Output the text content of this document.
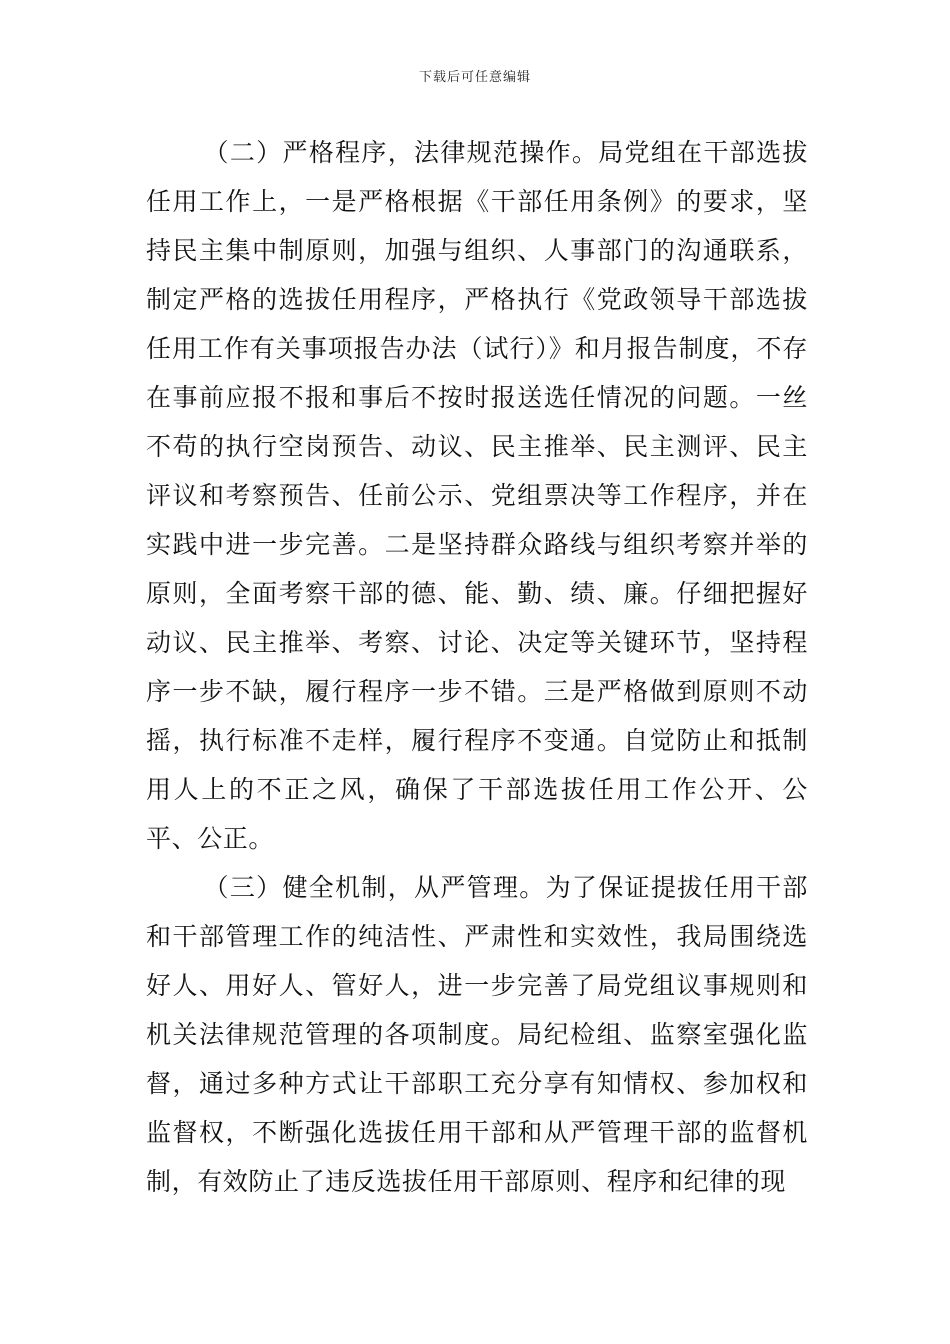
下载后可任意编辑

（二）严格程序，法律规范操作。局党组在干部选拔任用工作上，一是严格根据《干部任用条例》的要求，坚持民主集中制原则，加强与组织、人事部门的沟通联系，制定严格的选拔任用程序，严格执行《党政领导干部选拔任用工作有关事项报告办法（试行）》和月报告制度，不存在事前应报不报和事后不按时报送选任情况的问题。一丝不苟的执行空岗预告、动议、民主推举、民主测评、民主评议和考察预告、任前公示、党组票决等工作程序，并在实践中进一步完善。二是坚持群众路线与组织考察并举的原则，全面考察干部的德、能、勤、绩、廉。仔细把握好动议、民主推举、考察、讨论、决定等关键环节，坚持程序一步不缺，履行程序一步不错。三是严格做到原则不动摇，执行标准不走样，履行程序不变通。自觉防止和抵制用人上的不正之风，确保了干部选拔任用工作公开、公平、公正。

（三）健全机制，从严管理。为了保证提拔任用干部和干部管理工作的纯洁性、严肃性和实效性，我局围绕选好人、用好人、管好人，进一步完善了局党组议事规则和机关法律规范管理的各项制度。局纪检组、监察室强化监督，通过多种方式让干部职工充分享有知情权、参加权和监督权，不断强化选拔任用干部和从严管理干部的监督机制，有效防止了违反选拔任用干部原则、程序和纪律的现
